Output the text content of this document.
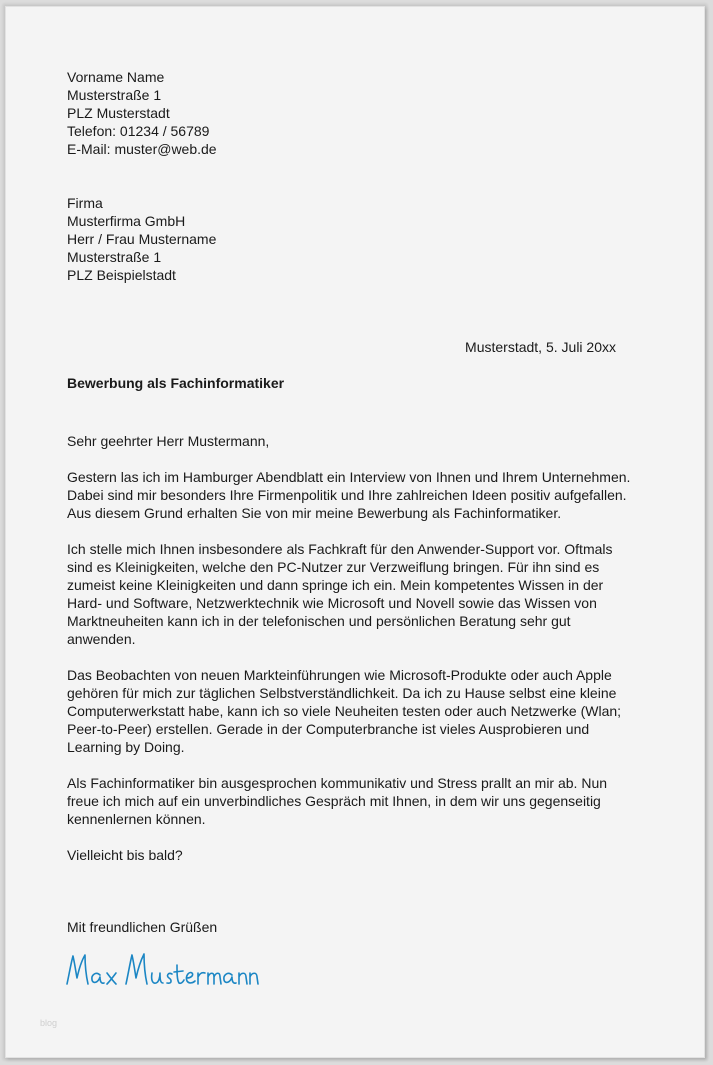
Vorname Name
Musterstraße 1
PLZ Musterstadt
Telefon: 01234 / 56789
E-Mail: muster@web.de
Firma
Musterfirma GmbH
Herr / Frau Mustername
Musterstraße 1
PLZ Beispielstadt
Musterstadt, 5. Juli 20xx
Bewerbung als Fachinformatiker
Sehr geehrter Herr Mustermann,
Gestern las ich im Hamburger Abendblatt ein Interview von Ihnen und Ihrem Unternehmen.
Dabei sind mir besonders Ihre Firmenpolitik und Ihre zahlreichen Ideen positiv aufgefallen.
Aus diesem Grund erhalten Sie von mir meine Bewerbung als Fachinformatiker.
Ich stelle mich Ihnen insbesondere als Fachkraft für den Anwender-Support vor. Oftmals
sind es Kleinigkeiten, welche den PC-Nutzer zur Verzweiflung bringen. Für ihn sind es
zumeist keine Kleinigkeiten und dann springe ich ein. Mein kompetentes Wissen in der
Hard- und Software, Netzwerktechnik wie Microsoft und Novell sowie das Wissen von
Marktneuheiten kann ich in der telefonischen und persönlichen Beratung sehr gut
anwenden.
Das Beobachten von neuen Markteinführungen wie Microsoft-Produkte oder auch Apple
gehören für mich zur täglichen Selbstverständlichkeit. Da ich zu Hause selbst eine kleine
Computerwerkstatt habe, kann ich so viele Neuheiten testen oder auch Netzwerke (Wlan;
Peer-to-Peer) erstellen. Gerade in der Computerbranche ist vieles Ausprobieren und
Learning by Doing.
Als Fachinformatiker bin ausgesprochen kommunikativ und Stress prallt an mir ab. Nun
freue ich mich auf ein unverbindliches Gespräch mit Ihnen, in dem wir uns gegenseitig
kennenlernen können.
Vielleicht bis bald?
Mit freundlichen Grüßen
blog
